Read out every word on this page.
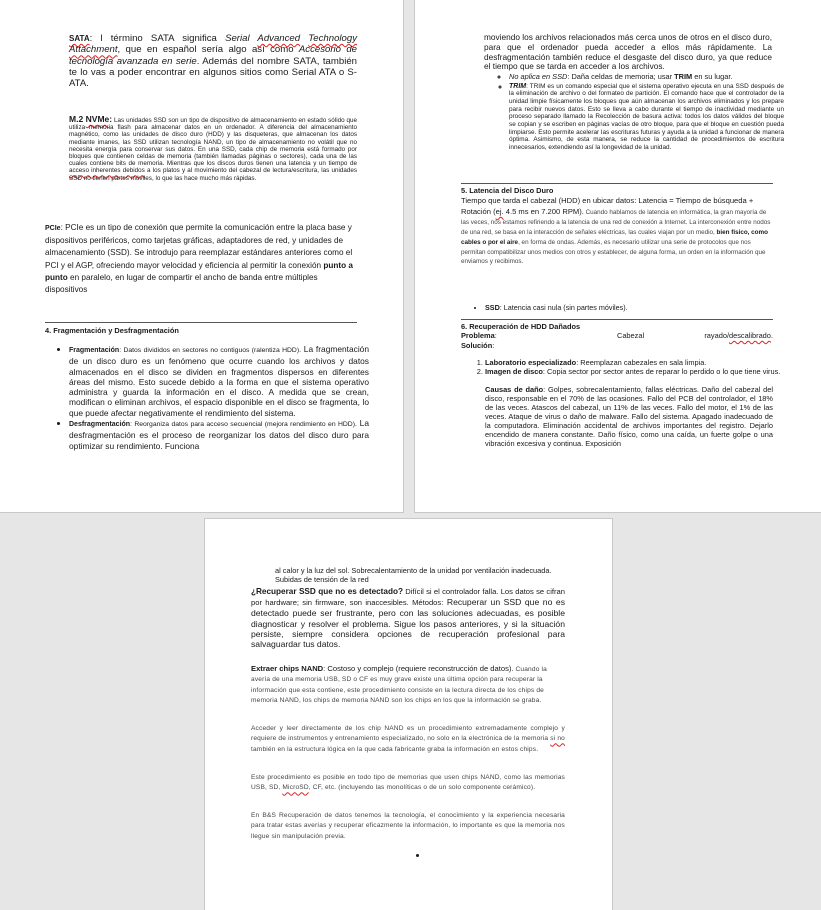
SATA: l término SATA significa Serial Advanced Technology Attachment, que en español sería algo así como Accesorio de tecnología avanzada en serie. Además del nombre SATA, también te lo vas a poder encontrar en algunos sitios como Serial ATA o S-ATA.

M.2 NVMe: Las unidades SSD son un tipo de dispositivo de almacenamiento en estado sólido que utiliza memoria flash para almacenar datos en un ordenador. A diferencia del almacenamiento magnético, como las unidades de disco duro (HDD) y las disqueteras, que almacenan los datos mediante imanes, las SSD utilizan tecnología NAND, un tipo de almacenamiento no volátil que no necesita energía para conservar sus datos. En una SSD, cada chip de memoria está formado por bloques que contienen celdas de memoria (también llamadas páginas o sectores), cada una de las cuales contiene bits de memoria. Mientras que los discos duros tienen una latencia y un tiempo de acceso inherentes debidos a los platos y al movimiento del cabezal de lectura/escritura, las unidades SSD no tienen partes móviles, lo que las hace mucho más rápidas.

PCIe: PCIe es un tipo de conexión que permite la comunicación entre la placa base y dispositivos periféricos, como tarjetas gráficas, adaptadores de red, y unidades de almacenamiento (SSD). Se introdujo para reemplazar estándares anteriores como el PCI y el AGP, ofreciendo mayor velocidad y eficiencia al permitir la conexión punto a punto en paralelo, en lugar de compartir el ancho de banda entre múltiples dispositivos

4. Fragmentación y Desfragmentación

• Fragmentación: Datos divididos en sectores no contiguos (ralentiza HDD). La fragmentación de un disco duro es un fenómeno que ocurre cuando los archivos y datos almacenados en el disco se dividen en fragmentos dispersos en diferentes áreas del mismo. Esto sucede debido a la forma en que el sistema operativo administra y guarda la información en el disco. A medida que se crean, modifican o eliminan archivos, el espacio disponible en el disco se fragmenta, lo que puede afectar negativamente el rendimiento del sistema.
• Desfragmentación: Reorganiza datos para acceso secuencial (mejora rendimiento en HDD). La desfragmentación es el proceso de reorganizar los datos del disco duro para optimizar su rendimiento. Funciona

moviendo los archivos relacionados más cerca unos de otros en el disco duro, para que el ordenador pueda acceder a ellos más rápidamente. La desfragmentación también reduce el desgaste del disco duro, ya que reduce el tiempo que se tarda en acceder a los archivos.

◦ No aplica en SSD: Daña celdas de memoria; usar TRIM en su lugar.
◦ TRIM: TRIM es un comando especial que el sistema operativo ejecuta en una SSD después de la eliminación de archivo o del formateo de partición. El comando hace que el controlador de la unidad limpie físicamente los bloques que aún almacenan los archivos eliminados y los prepare para recibir nuevos datos. Esto se lleva a cabo durante el tiempo de inactividad mediante un proceso separado llamado la Recolección de basura activa: todos los datos válidos del bloque se copian y se escriben en páginas vacías de otro bloque, para que el bloque en cuestión pueda limpiarse. Esto permite acelerar las escrituras futuras y ayuda a la unidad a funcionar de manera óptima. Asimismo, de esta manera, se reduce la cantidad de procedimientos de escritura innecesarios, extendiendo así la longevidad de la unidad.

5. Latencia del Disco Duro

Tiempo que tarda el cabezal (HDD) en ubicar datos: Latencia = Tiempo de búsqueda + Rotación (ej. 4.5 ms en 7.200 RPM). Cuando hablamos de latencia en informática, la gran mayoría de las veces, nos estamos refiriendo a la latencia de una red de conexión a Internet. La interconexión entre nodos de una red, se basa en la interacción de señales eléctricas, las cuales viajan por un medio, bien físico, como cables o por el aire, en forma de ondas. Además, es necesario utilizar una serie de protocolos que nos permitan compatibilizar unos medios con otros y establecer, de alguna forma, un orden en la información que enviamos y recibimos.

• SSD: Latencia casi nula (sin partes móviles).

6. Recuperación de HDD Dañados

Problema:	Cabezal	rayado/descalibrado.

Solución:

1. Laboratorio especializado: Reemplazan cabezales en sala limpia.
2. Imagen de disco: Copia sector por sector antes de reparar lo perdido o lo que tiene virus.

Causas de daño: Golpes, sobrecalentamiento, fallas eléctricas. Daño del cabezal del disco, responsable en el 70% de las ocasiones. Fallo del PCB del controlador, el 18% de las veces. Atascos del cabezal, un 11% de las veces. Fallo del motor, el 1% de las veces. Ataque de virus o daño de malware. Fallo del sistema. Apagado inadecuado de la computadora. Eliminación accidental de archivos importantes del registro. Dejarlo encendido de manera constante. Daño físico, como una caída, un fuerte golpe o una vibración excesiva y continua. Exposición

al calor y la luz del sol. Sobrecalentamiento de la unidad por ventilación inadecuada. Subidas de tensión de la red

¿Recuperar SSD que no es detectado? Difícil si el controlador falla. Los datos se cifran por hardware; sin firmware, son inaccesibles. Métodos: Recuperar un SSD que no es detectado puede ser frustrante, pero con las soluciones adecuadas, es posible diagnosticar y resolver el problema. Sigue los pasos anteriores, y si la situación persiste, siempre considera opciones de recuperación profesional para salvaguardar tus datos.

Extraer chips NAND: Costoso y complejo (requiere reconstrucción de datos). Cuando la avería de una memoria USB, SD o CF es muy grave existe una última opción para recuperar la información que esta contiene, este procedimiento consiste en la lectura directa de los chips de memoria NAND, los chips de memoria NAND son los chips en los que la información se graba.

Acceder y leer directamente de los chip NAND es un procedimiento extremadamente complejo y requiere de instrumentos y entrenamiento especializado, no solo en la electrónica de la memoria si no también en la estructura lógica en la que cada fabricante graba la información en estos chips.

Este procedimiento es posible en todo tipo de memorias que usen chips NAND, como las memorias USB, SD, MicroSD, CF, etc. (incluyendo las monolíticas o de un solo componente cerámico).

En B&S Recuperación de datos tenemos la tecnología, el conocimiento y la experiencia necesaria para tratar estas averías y recuperar eficazmente la información, lo importante es que la memoria nos llegue sin manipulación previa.
